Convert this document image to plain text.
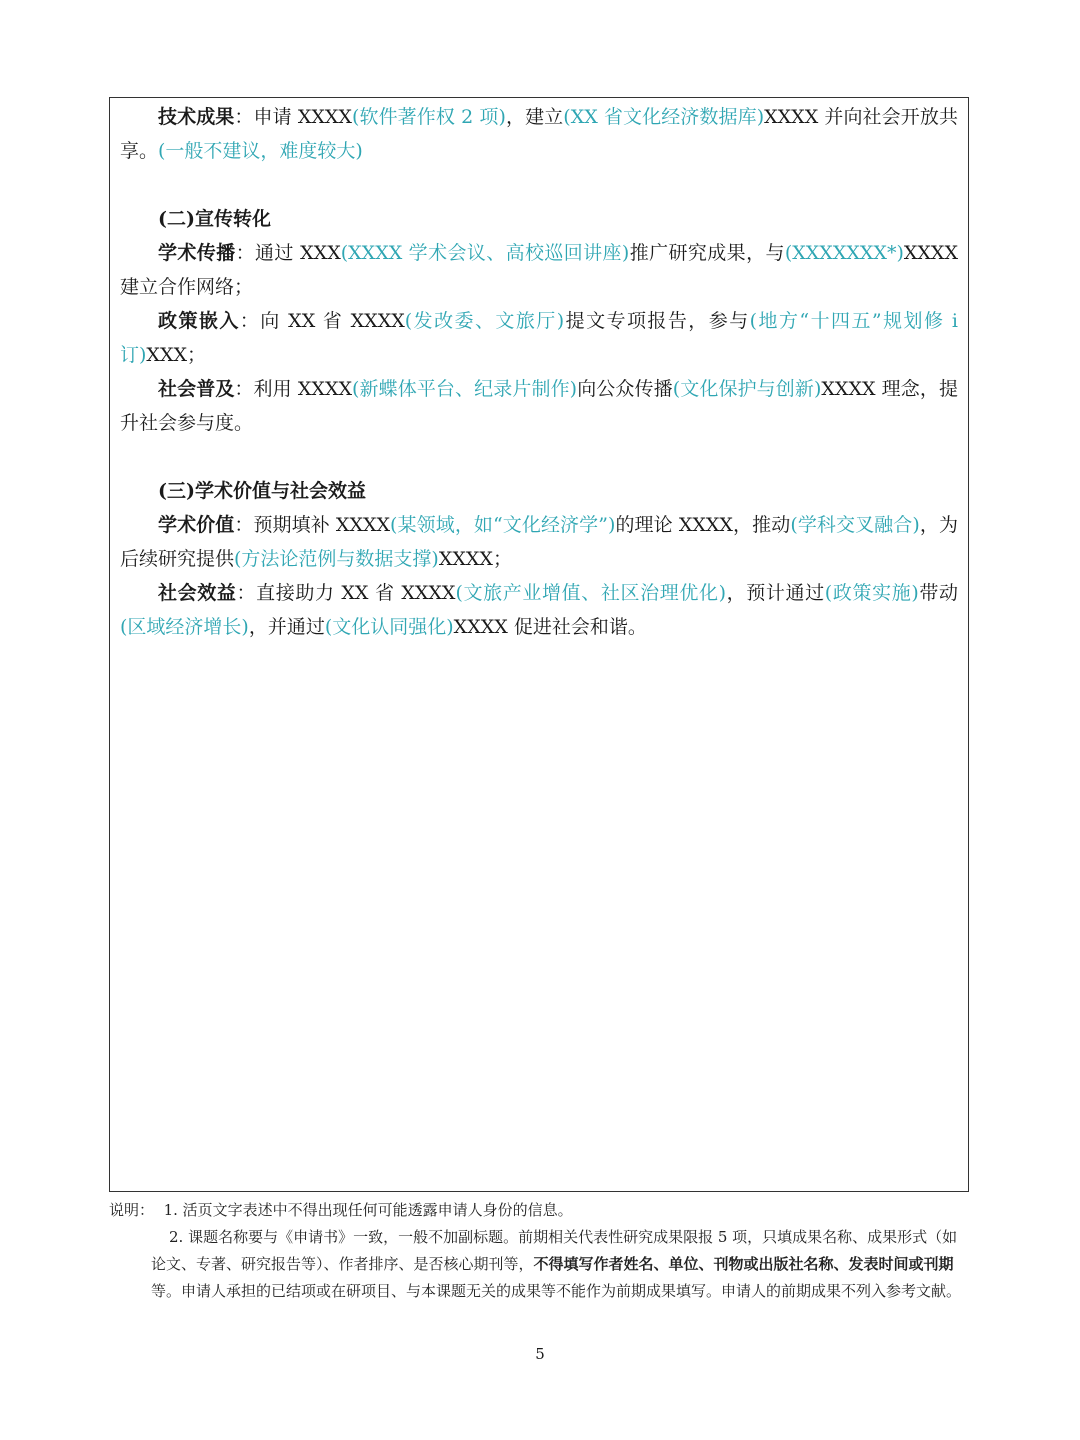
技术成果：申请 XXXX(软件著作权 2 项)，建立(XX 省文化经济数据库)XXXX 并向社会开放共享。(一般不建议，难度较大)

(二)宣传转化

学术传播：通过 XXX(XXXX 学术会议、高校巡回讲座)推广研究成果，与(XXXXXXX*)XXXX 建立合作网络；

政策嵌入：向 XX 省 XXXX(发改委、文旅厅)提文专项报告，参与(地方“十四五”规划修 i 订)XXX；

社会普及：利用 XXXX(新蝶体平台、纪录片制作)向公众传播(文化保护与创新)XXXX 理念，提升社会参与度。

(三)学术价值与社会效益

学术价值：预期填补 XXXX(某领域，如“文化经济学”)的理论 XXXX，推动(学科交叉融合)，为后续研究提供(方法论范例与数据支撑)XXXX；

社会效益：直接助力 XX 省 XXXX(文旅产业增值、社区治理优化)，预计通过(政策实施)带动(区域经济增长)，并通过(文化认同强化)XXXX 促进社会和谐。

说明： 1. 活页文字表述中不得出现任何可能透露申请人身份的信息。

2. 课题名称要与《申请书》一致，一般不加副标题。前期相关代表性研究成果限报 5 项，只填成果名称、成果形式（如论文、专著、研究报告等）、作者排序、是否核心期刊等，不得填写作者姓名、单位、刊物或出版社名称、发表时间或刊期等。申请人承担的已结项或在研项目、与本课题无关的成果等不能作为前期成果填写。申请人的前期成果不列入参考文献。

5
